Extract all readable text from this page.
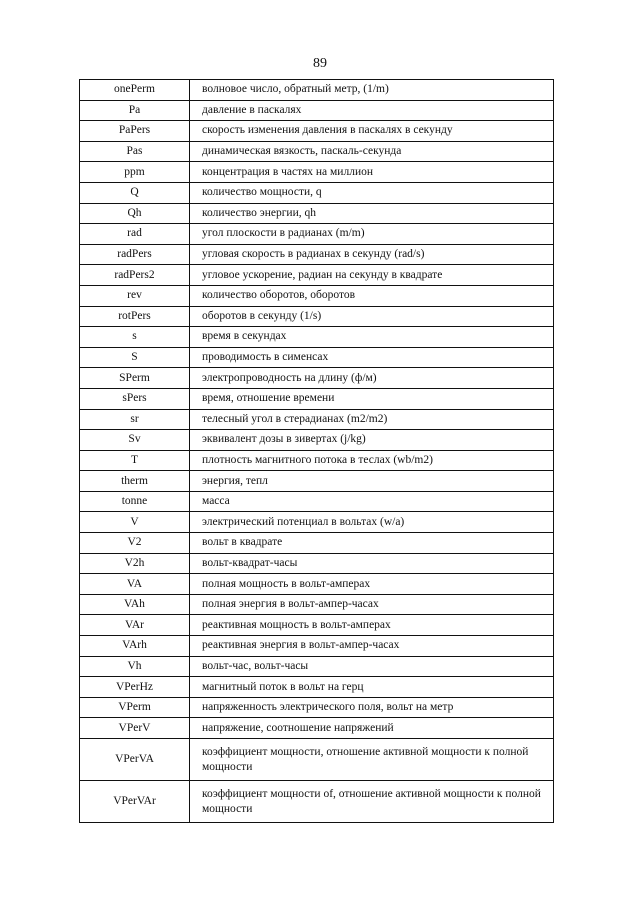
89
onePerm	волновое число, обратный метр, (1/m)
Pa	давление в паскалях
PaPers	скорость изменения давления в паскалях в секунду
Pas	динамическая вязкость, паскаль-секунда
ppm	концентрация в частях на миллион
Q	количество мощности, q
Qh	количество энергии, qh
rad	угол плоскости в радианах (m/m)
radPers	угловая скорость в радианах в секунду (rad/s)
radPers2	угловое ускорение, радиан на секунду в квадрате
rev	количество оборотов, оборотов
rotPers	оборотов в секунду (1/s)
s	время в секундах
S	проводимость в сименсах
SPerm	электропроводность на длину (ф/м)
sPers	время, отношение времени
sr	телесный угол в стерадианах (m2/m2)
Sv	эквивалент дозы в зивертах (j/kg)
T	плотность магнитного потока в теслах (wb/m2)
therm	энергия, тепл
tonne	масса
V	электрический потенциал в вольтах (w/a)
V2	вольт в квадрате
V2h	вольт-квадрат-часы
VA	полная мощность в вольт-амперах
VAh	полная энергия в вольт-ампер-часах
VAr	реактивная мощность в вольт-амперах
VArh	реактивная энергия в вольт-ампер-часах
Vh	вольт-час, вольт-часы
VPerHz	магнитный поток в вольт на герц
VPerm	напряженность электрического поля, вольт на метр
VPerV	напряжение, соотношение напряжений
VPerVA	коэффициент мощности, отношение активной мощности к полной мощности
VPerVAr	коэффициент мощности of, отношение активной мощности к полной мощности
